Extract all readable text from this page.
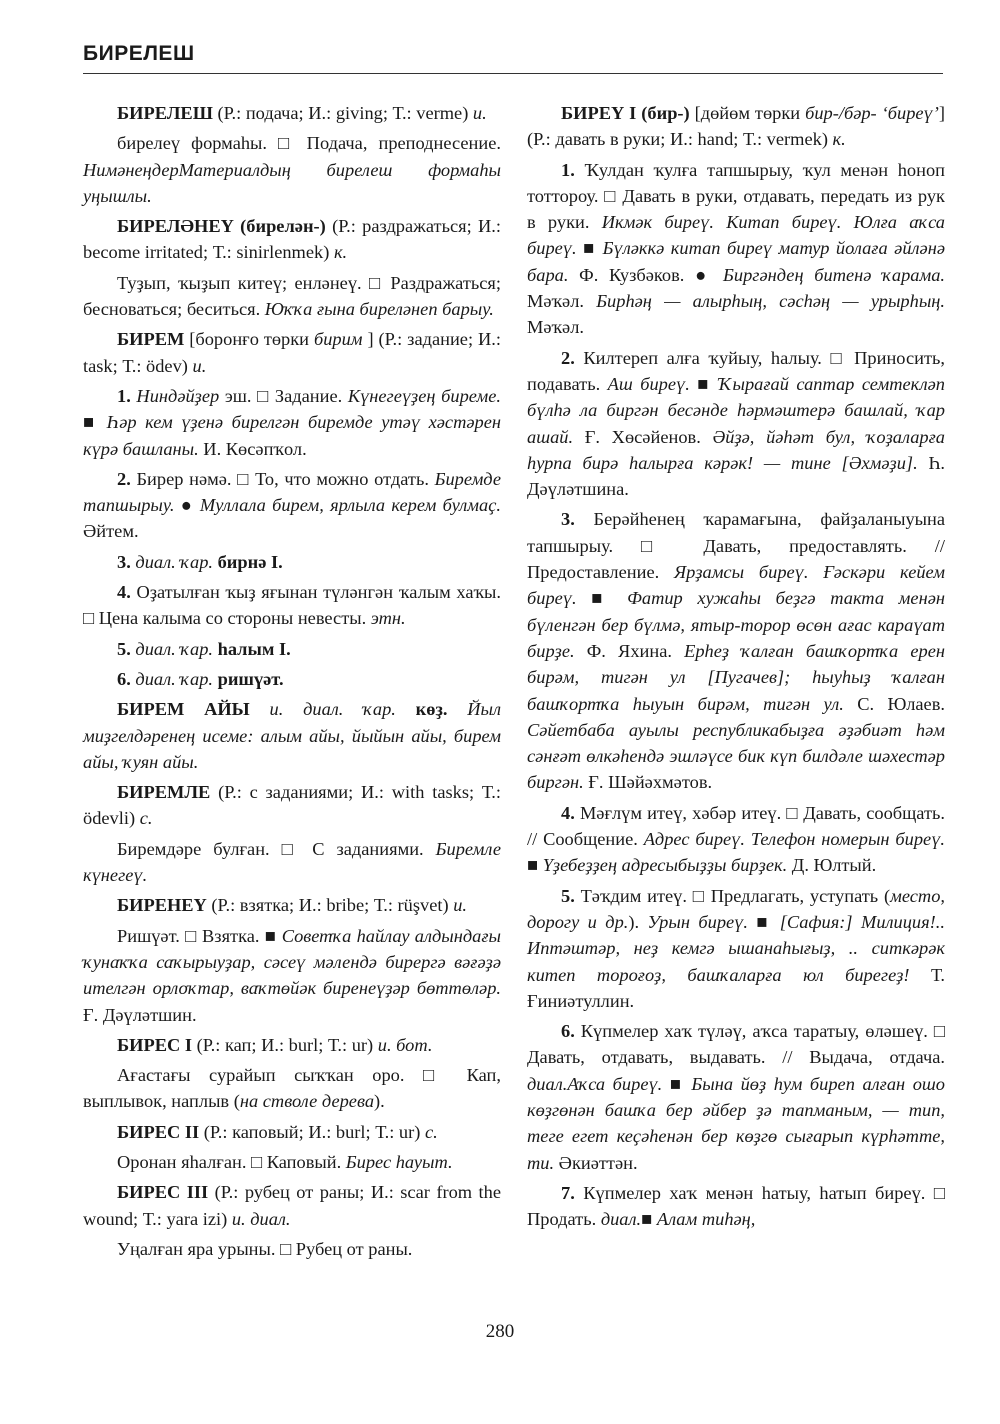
БИРЕЛЕШ

БИРЕЛЕШ (Р.: подача; И.: giving; Т.: verme) и.

бирелеү формаһы. □ Подача, преподнесение. НимәнеңдерМатериалдың бирелеш формаһы уңышлы.

БИРЕЛӘНЕҮ (бирелән-) (Р.: раздражаться; И.: become irritated; Т.: sinirlenmek) к.

Туҙып, ҡыҙып китеү; енләнеү. □ Раздражаться; бесноваться; беситься. Юҡҡа ғына биреләнеп барыу.

БИРЕМ [боронғо төрки бирим ] (Р.: задание; И.: task; Т.: ödev) и.

1. Ниндәйҙер эш. □ Задание. Күнегеүҙең биреме. ■ Һәр кем үҙенә бирелгән биремде утәү хәстәрен күрә башланы. И. Көсәпҡол.

2. Бирер нәмә. □ То, что можно отдать. Биремде тапшырыу. ● Муллала бирем, ярлыла керем булмаҫ. Әйтем.

3. диал. ҡар. бирнә I.

4. Оҙатылған ҡыҙ яғынан түләнгән ҡалым хаҡы. □ Цена калыма со стороны невесты. этн.

5. диал. ҡар. һалым I.

6. диал. ҡар. ришүәт.

БИРЕМ АЙЫ и. диал. ҡар. көҙ. Йыл миҙгелдәренең иcеме: алым айы, йыйын айы, бирем айы, ҡуян айы.

БИРЕМЛЕ (Р.: с заданиями; И.: with tasks; Т.: ödevli) с.

Биремдәре булған. □ С заданиями. Биремле күнегеү.

БИРЕНЕҮ (Р.: взятка; И.: bribe; Т.: rüşvet) и.

Ришүәт. □ Взятка. ■ Советҡа һайлау алдындағы ҡунаҡҡа саҡырыуҙар, сәсеү мәлендә бирергә вәғәҙә ителгән орлоҡтар, ваҡтөйәк биренеүҙәр бөттөләр. Ғ. Дәүләтшин.

БИРЕС I (Р.: кап; И.: burl; Т.: ur) и. бот.

Ағастағы сурайып сыҡҡан оро. □ Кап, выплывок, наплыв (на стволе дерева).

БИРЕС II (Р.: каповый; И.: burl; Т.: ur) с.

Оронан яһалған. □ Каповый. Бирес һауыт.

БИРЕС III (Р.: рубец от раны; И.: scar from the wound; Т.: yara izi) и. диал.

Уңалған яра урыны. □ Рубец от раны.

БИРЕҮ I (бир-) [дөйөм төрки бир-/бәр- ‘биреү’] (Р.: давать в руки; И.: hand; Т.: vermek) к.

1. Ҡулдан ҡулға тапшырыу, ҡул менән һоноп тоттороу. □ Давать в руки, отдавать, передать из рук в руки. Икмәк биреү. Китап биреү. Юлға аҡса биреү. ■ Бүләккә китап биреү матур йолаға әйләнә бара. Ф. Кузбәков. ● Биргәндең битенә ҡарама. Мәҡәл. Бирһәң — алырһың, сәсһәң — урырһың. Мәҡәл.

2. Килтереп алға ҡуйыу, һалыу. □ Приносить, подавать. Аш биреү. ■ Ҡырағай саптар семтекләп бүлһә ла биргән бесәнде һәрмәштерә башлай, ҡар ашай. Ғ. Хөсәйенов. Әйҙә, йәһәт бул, ҡоҙаларға һурпа бирә һалырға кәрәк! — тине [Әхмәҙи]. Һ. Дәүләтшина.

3. Берәйһенең ҡарамағына, файҙаланыуына тапшырыу. □ Давать, предоставлять. // Предоставление. Ярҙамсы биреү. Ғәскәри кейем биреү. ■ Фатир хужаһы беҙгә такта менән бүленгән бер бүлмә, ятыр-торор өсөн ағас караүат бирҙе. Ф. Яхина. Ерһеҙ ҡалған башҡортҡа ерен бирәм, тигән ул [Пугачев]; һыуһыҙ ҡалған башҡортҡа һыуын бирәм, тигән ул. С. Юлаев. Сәйетбаба ауылы республикабыҙға әҙәбиәт һәм сәнғәт өлкәһендә эшләүсе бик күп билдәле шәхестәр биргән. Ғ. Шәйәхмәтов.

4. Мәғлүм итеү, хәбәр итеү. □ Давать, сообщать. // Сообщение. Адрес биреү. Телефон номерын биреү. ■ Үҙебеҙҙең адресыбыҙҙы бирҙек. Д. Юлтый.

5. Тәҡдим итеү. □ Предлагать, уступать (место, дорогу и др.). Урын биреү. ■ [Сафия:] Милиция!.. Иптәштәр, неҙ кемгә ышанаһығыҙ, .. ситкәрәк китеп тороғоҙ, башҡаларға юл бирегеҙ! Т. Ғиниәтуллин.

6. Күпмелер хаҡ түләү, аҡса таратыу, өләшеү. □ Давать, отдавать, выдавать. // Выдача, отдача. диал.Аҡса биреү. ■ Бына йөҙ һум биреп алған ошо көҙгөнән башҡа бер әйбер ҙә тапманым, — тип, теге егет кеҫәһенән бер көҙгө сығарып күрһәтте, ти. Әкиәттән.

7. Күпмелер хаҡ менән һатыу, һатып биреү. □ Продать. диал.■ Алам тиһәң,

280
